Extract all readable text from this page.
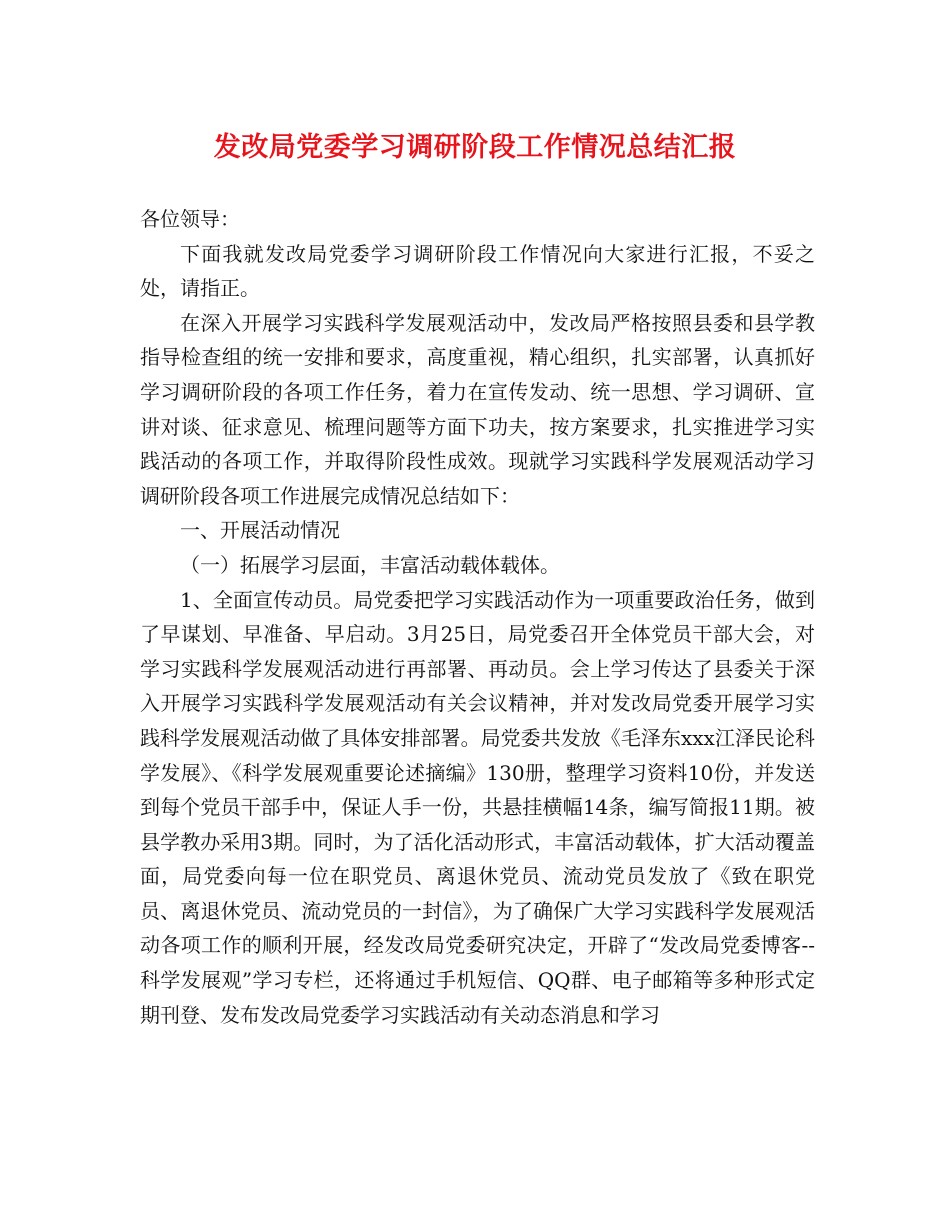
发改局党委学习调研阶段工作情况总结汇报

各位领导：

下面我就发改局党委学习调研阶段工作情况向大家进行汇报，不妥之处，请指正。

在深入开展学习实践科学发展观活动中，发改局严格按照县委和县学教指导检查组的统一安排和要求，高度重视，精心组织，扎实部署，认真抓好学习调研阶段的各项工作任务，着力在宣传发动、统一思想、学习调研、宣讲对谈、征求意见、梳理问题等方面下功夫，按方案要求，扎实推进学习实践活动的各项工作，并取得阶段性成效。现就学习实践科学发展观活动学习调研阶段各项工作进展完成情况总结如下：

一、开展活动情况

（一）拓展学习层面，丰富活动载体载体。

1、全面宣传动员。局党委把学习实践活动作为一项重要政治任务，做到了早谋划、早准备、早启动。3月25日，局党委召开全体党员干部大会，对学习实践科学发展观活动进行再部署、再动员。会上学习传达了县委关于深入开展学习实践科学发展观活动有关会议精神，并对发改局党委开展学习实践科学发展观活动做了具体安排部署。局党委共发放《毛泽东xxx江泽民论科学发展》、《科学发展观重要论述摘编》130册，整理学习资料10份，并发送到每个党员干部手中，保证人手一份，共悬挂横幅14条，编写简报11期。被县学教办采用3期。同时，为了活化活动形式，丰富活动载体，扩大活动覆盖面，局党委向每一位在职党员、离退休党员、流动党员发放了《致在职党员、离退休党员、流动党员的一封信》，为了确保广大学习实践科学发展观活动各项工作的顺利开展，经发改局党委研究决定，开辟了“发改局党委博客--科学发展观”学习专栏，还将通过手机短信、QQ群、电子邮箱等多种形式定期刊登、发布发改局党委学习实践活动有关动态消息和学习
